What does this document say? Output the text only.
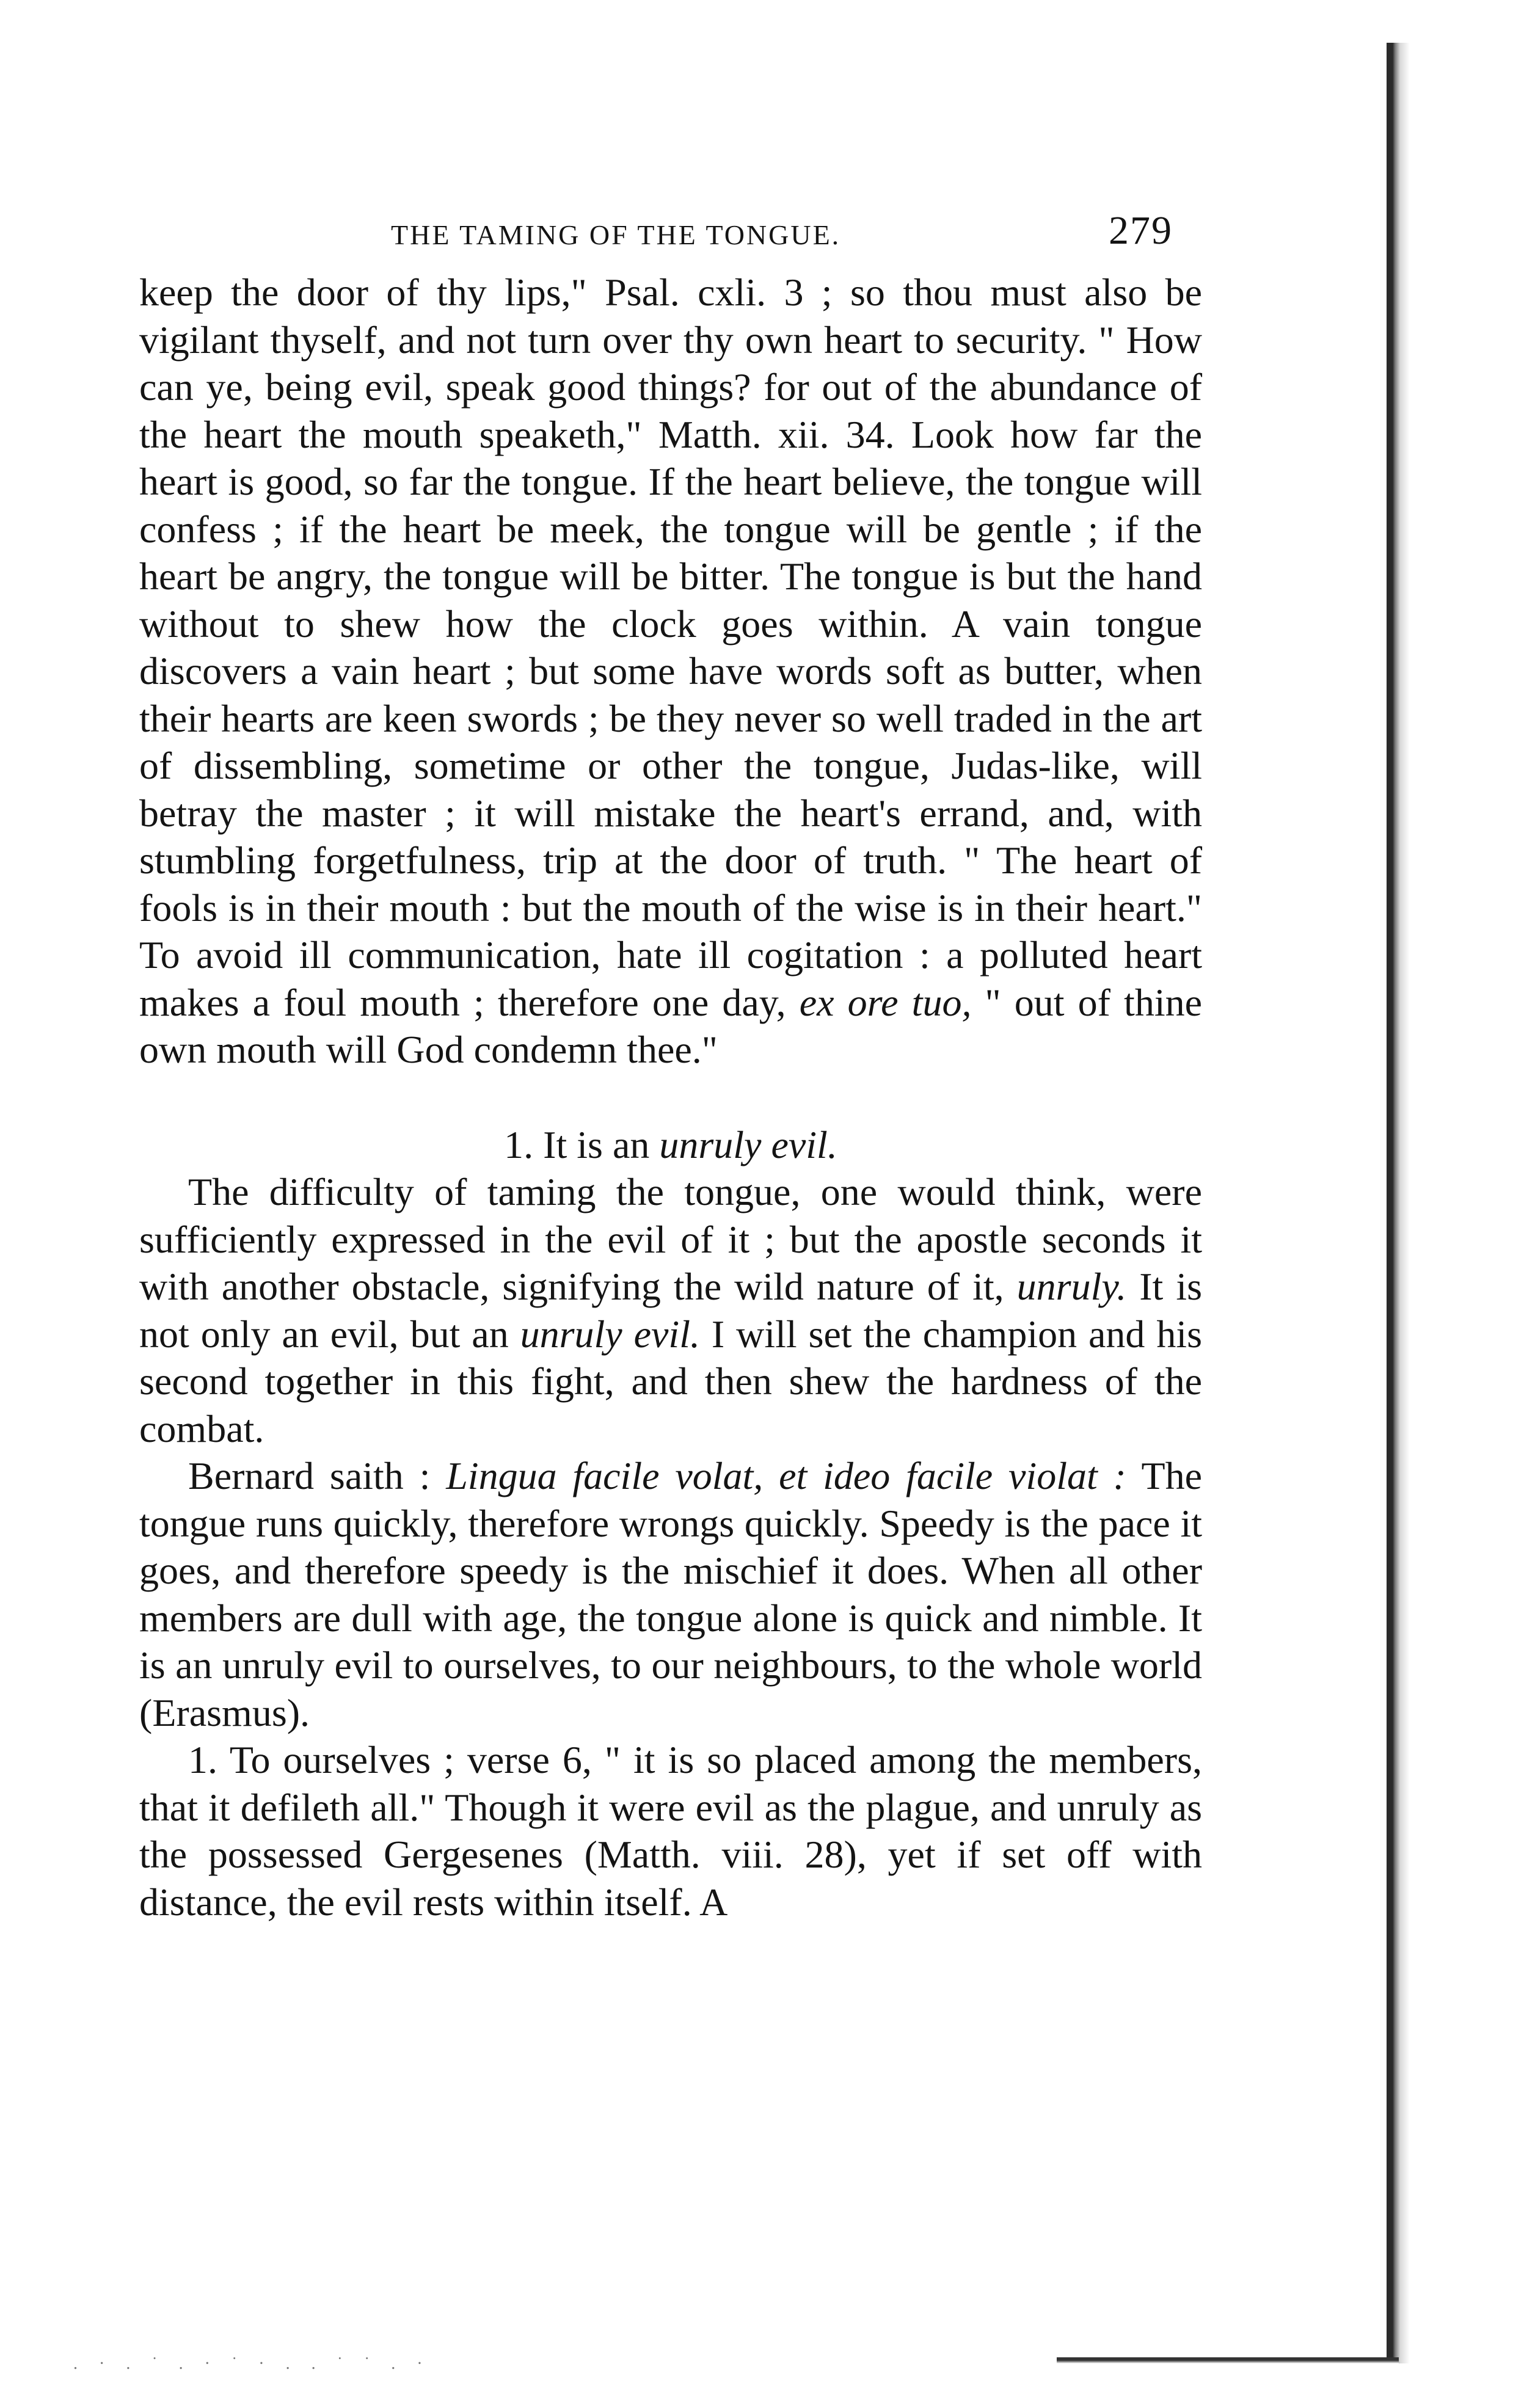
THE TAMING OF THE TONGUE.	279

keep the door of thy lips," Psal. cxli. 3 ; so thou must also be vigilant thyself, and not turn over thy own heart to security. " How can ye, being evil, speak good things? for out of the abundance of the heart the mouth speaketh," Matth. xii. 34. Look how far the heart is good, so far the tongue. If the heart believe, the tongue will confess ; if the heart be meek, the tongue will be gentle ; if the heart be angry, the tongue will be bitter. The tongue is but the hand without to shew how the clock goes within. A vain tongue discovers a vain heart ; but some have words soft as butter, when their hearts are keen swords ; be they never so well traded in the art of dissembling, sometime or other the tongue, Judas-like, will betray the master ; it will mistake the heart's errand, and, with stumbling forgetfulness, trip at the door of truth. " The heart of fools is in their mouth : but the mouth of the wise is in their heart." To avoid ill communication, hate ill cogitation : a polluted heart makes a foul mouth ; therefore one day, ex ore tuo, " out of thine own mouth will God condemn thee."

1. It is an unruly evil.

The difficulty of taming the tongue, one would think, were sufficiently expressed in the evil of it ; but the apostle seconds it with another obstacle, signifying the wild nature of it, unruly. It is not only an evil, but an unruly evil. I will set the champion and his second together in this fight, and then shew the hardness of the combat.

Bernard saith : Lingua facile volat, et ideo facile violat : The tongue runs quickly, therefore wrongs quickly. Speedy is the pace it goes, and therefore speedy is the mischief it does. When all other members are dull with age, the tongue alone is quick and nimble. It is an unruly evil to ourselves, to our neighbours, to the whole world (Erasmus).

1. To ourselves ; verse 6, " it is so placed among the members, that it defileth all." Though it were evil as the plague, and unruly as the possessed Gergesenes (Matth. viii. 28), yet if set off with distance, the evil rests within itself. A

. · . ˙ . · ˙ · . . ˙ ˙ . ·
